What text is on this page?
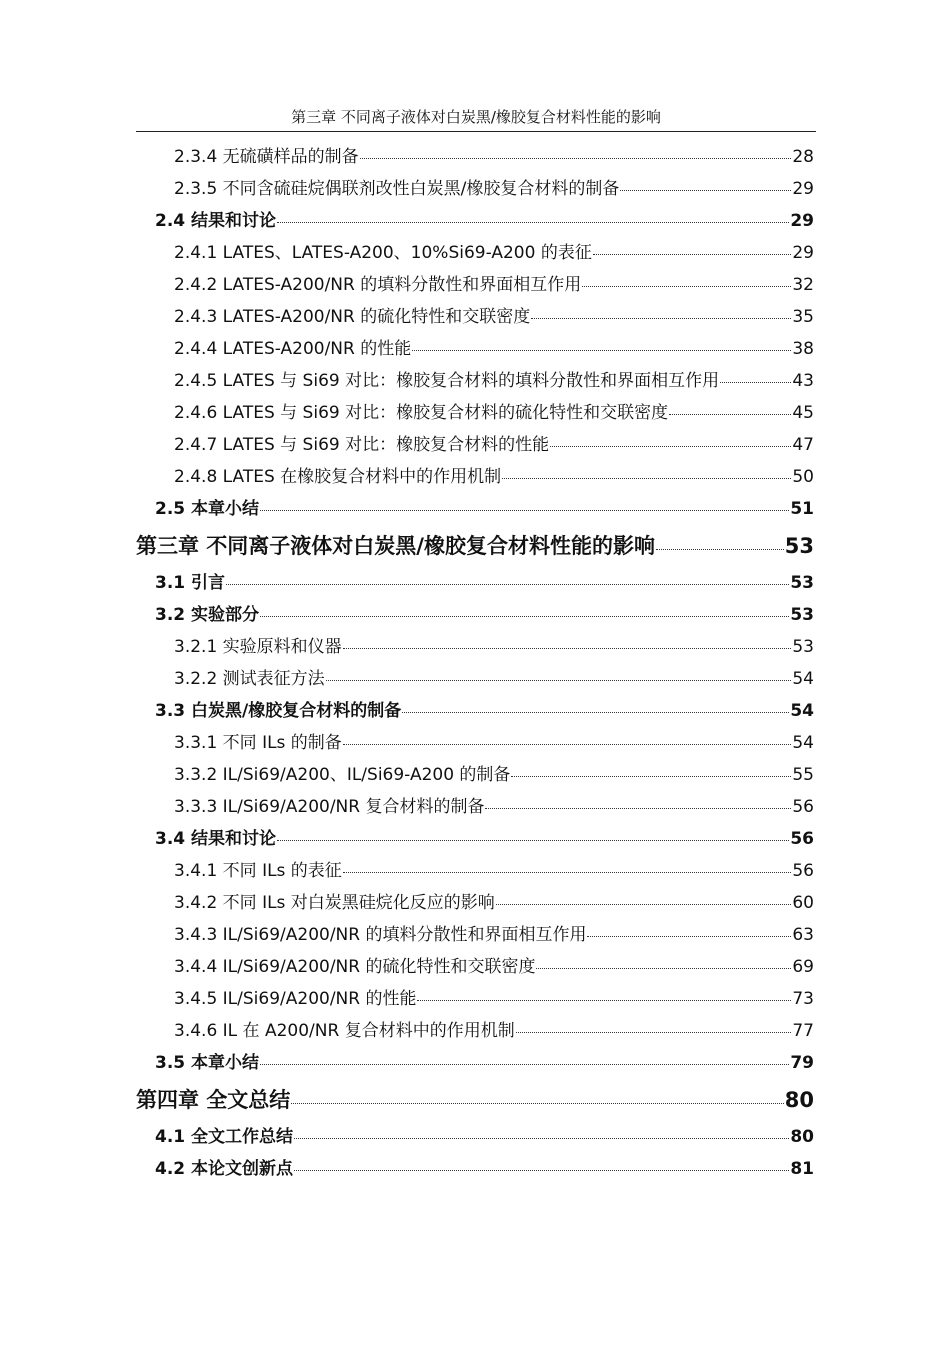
第三章 不同离子液体对白炭黑/橡胶复合材料性能的影响
2.3.4 无硫磺样品的制备	28
2.3.5 不同含硫硅烷偶联剂改性白炭黑/橡胶复合材料的制备	29
2.4 结果和讨论	29
2.4.1 LATES、LATES-A200、10%Si69-A200 的表征	29
2.4.2 LATES-A200/NR 的填料分散性和界面相互作用	32
2.4.3 LATES-A200/NR 的硫化特性和交联密度	35
2.4.4 LATES-A200/NR 的性能	38
2.4.5 LATES 与 Si69 对比：橡胶复合材料的填料分散性和界面相互作用	43
2.4.6 LATES 与 Si69 对比：橡胶复合材料的硫化特性和交联密度	45
2.4.7 LATES 与 Si69 对比：橡胶复合材料的性能	47
2.4.8 LATES 在橡胶复合材料中的作用机制	50
2.5 本章小结	51
第三章 不同离子液体对白炭黑/橡胶复合材料性能的影响	53
3.1 引言	53
3.2 实验部分	53
3.2.1 实验原料和仪器	53
3.2.2 测试表征方法	54
3.3 白炭黑/橡胶复合材料的制备	54
3.3.1 不同 ILs 的制备	54
3.3.2 IL/Si69/A200、IL/Si69-A200 的制备	55
3.3.3 IL/Si69/A200/NR 复合材料的制备	56
3.4 结果和讨论	56
3.4.1 不同 ILs 的表征	56
3.4.2 不同 ILs 对白炭黑硅烷化反应的影响	60
3.4.3 IL/Si69/A200/NR 的填料分散性和界面相互作用	63
3.4.4 IL/Si69/A200/NR 的硫化特性和交联密度	69
3.4.5 IL/Si69/A200/NR 的性能	73
3.4.6 IL 在 A200/NR 复合材料中的作用机制	77
3.5 本章小结	79
第四章 全文总结	80
4.1 全文工作总结	80
4.2 本论文创新点	81
